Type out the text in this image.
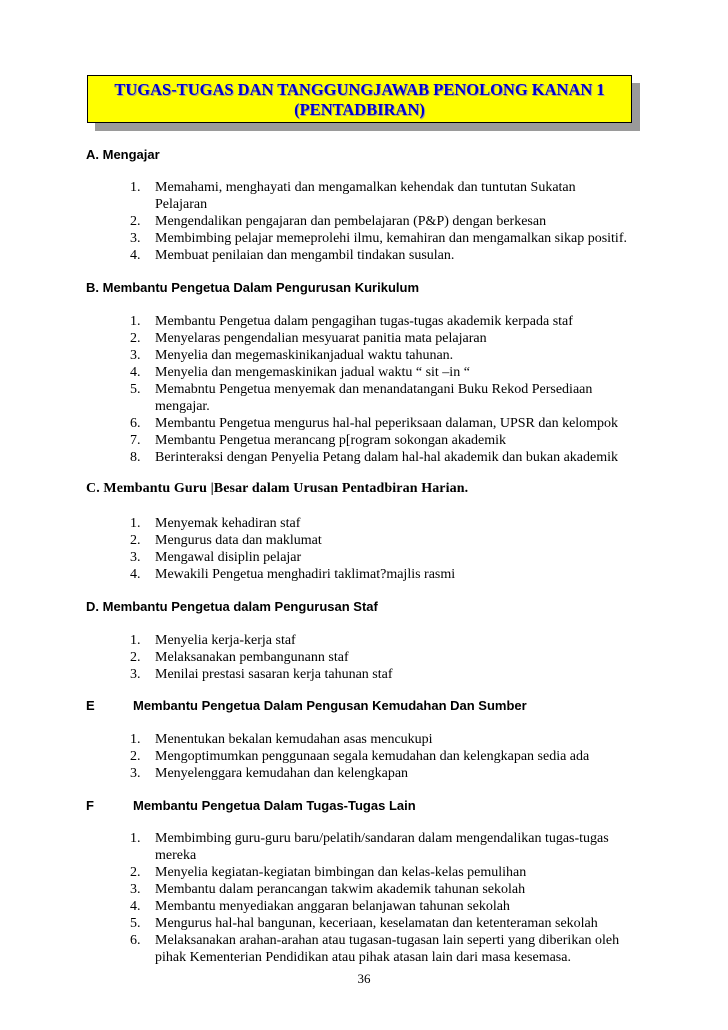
TUGAS-TUGAS DAN TANGGUNGJAWAB PENOLONG KANAN 1
(PENTADBIRAN)
A. Mengajar
1. Memahami, menghayati dan mengamalkan kehendak dan tuntutan Sukatan
Pelajaran
2. Mengendalikan pengajaran dan pembelajaran (P&P) dengan berkesan
3. Membimbing pelajar memeprolehi ilmu, kemahiran dan mengamalkan sikap positif.
4. Membuat penilaian dan mengambil tindakan susulan.
B. Membantu Pengetua Dalam Pengurusan Kurikulum
1. Membantu Pengetua dalam pengagihan tugas-tugas akademik kerpada staf
2. Menyelaras pengendalian mesyuarat panitia mata pelajaran
3. Menyelia dan megemaskinikanjadual waktu tahunan.
4. Menyelia dan mengemaskinikan jadual waktu “ sit –in “
5. Memabntu Pengetua menyemak dan menandatangani Buku Rekod Persediaan
mengajar.
6. Membantu Pengetua mengurus hal-hal peperiksaan dalaman, UPSR dan kelompok
7. Membantu Pengetua merancang p[rogram sokongan akademik
8. Berinteraksi dengan Penyelia Petang dalam hal-hal akademik dan bukan akademik
C. Membantu Guru |Besar dalam Urusan Pentadbiran Harian.
1. Menyemak kehadiran staf
2. Mengurus data dan maklumat
3. Mengawal disiplin pelajar
4. Mewakili Pengetua menghadiri taklimat?majlis rasmi
D. Membantu Pengetua dalam Pengurusan Staf
1. Menyelia kerja-kerja staf
2. Melaksanakan pembangunann staf
3. Menilai prestasi sasaran kerja tahunan staf
E	Membantu Pengetua Dalam Pengusan Kemudahan Dan Sumber
1. Menentukan bekalan kemudahan asas mencukupi
2. Mengoptimumkan penggunaan segala kemudahan dan kelengkapan sedia ada
3. Menyelenggara kemudahan dan kelengkapan
F	Membantu Pengetua Dalam Tugas-Tugas Lain
1. Membimbing guru-guru baru/pelatih/sandaran dalam mengendalikan tugas-tugas
mereka
2. Menyelia kegiatan-kegiatan bimbingan dan kelas-kelas pemulihan
3. Membantu dalam perancangan takwim akademik tahunan sekolah
4. Membantu menyediakan anggaran belanjawan tahunan sekolah
5. Mengurus hal-hal bangunan, keceriaan, keselamatan dan ketenteraman sekolah
6. Melaksanakan arahan-arahan atau tugasan-tugasan lain seperti yang diberikan oleh
pihak Kementerian Pendidikan atau pihak atasan lain dari masa kesemasa.
36
